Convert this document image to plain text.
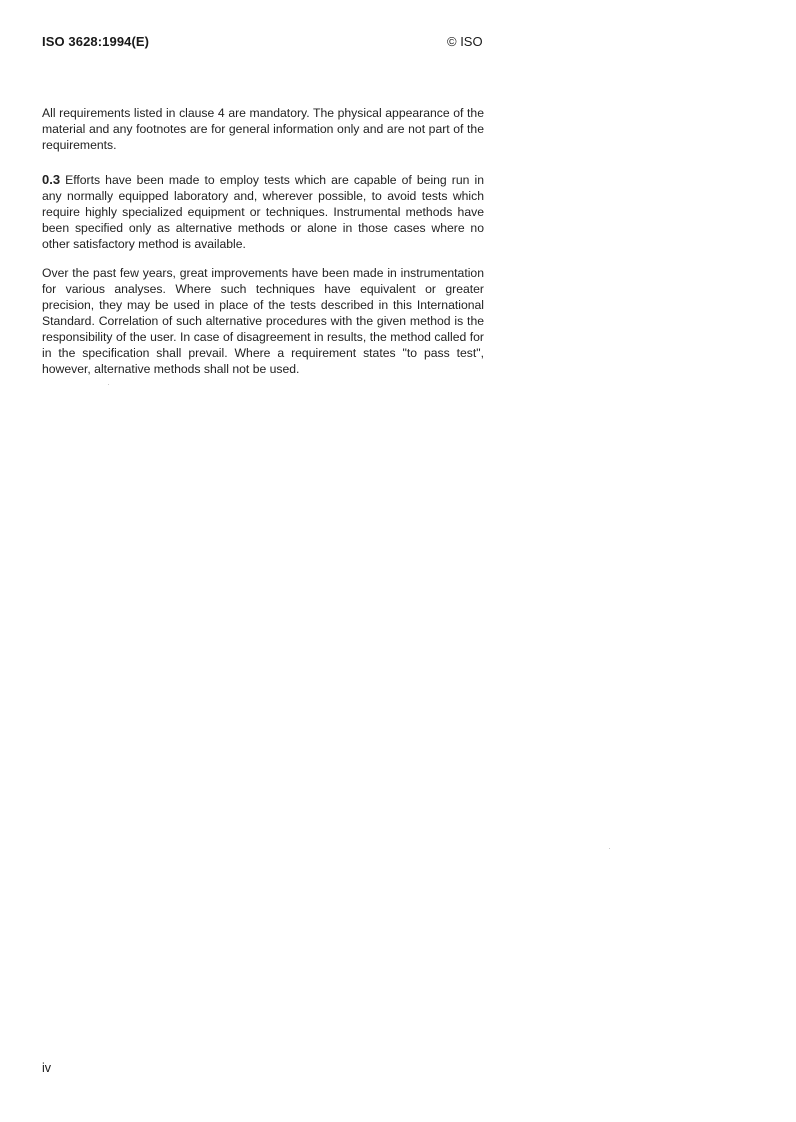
ISO 3628:1994(E)	© ISO
All requirements listed in clause 4 are mandatory. The physical appearance of the material and any footnotes are for general information only and are not part of the requirements.
0.3 Efforts have been made to employ tests which are capable of being run in any normally equipped laboratory and, wherever possible, to avoid tests which require highly specialized equipment or techniques. Instrumental methods have been specified only as alternative methods or alone in those cases where no other satisfactory method is available.
Over the past few years, great improvements have been made in instrumentation for various analyses. Where such techniques have equivalent or greater precision, they may be used in place of the tests described in this International Standard. Correlation of such alternative procedures with the given method is the responsibility of the user. In case of disagreement in results, the method called for in the specification shall prevail. Where a requirement states "to pass test", however, alternative methods shall not be used.
iv
